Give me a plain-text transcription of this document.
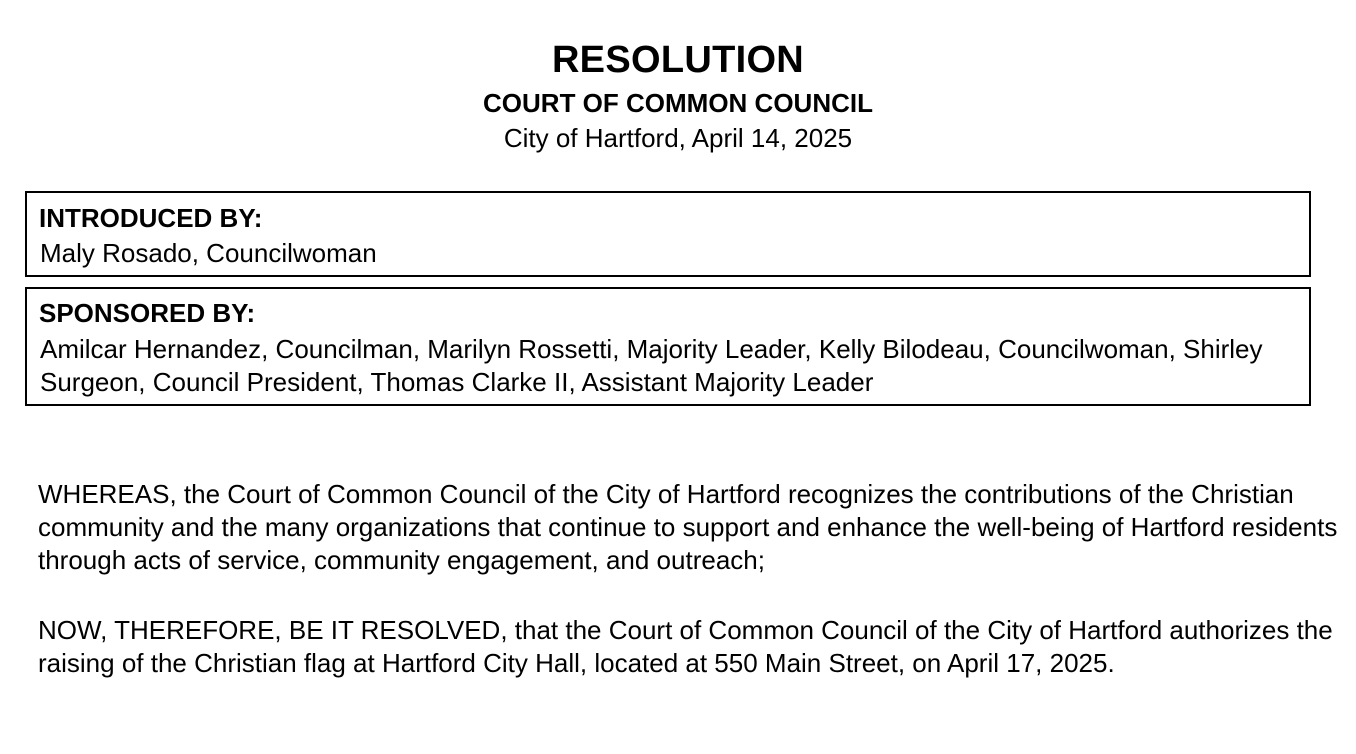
RESOLUTION
COURT OF COMMON COUNCIL
City of Hartford, April 14, 2025
INTRODUCED BY:
Maly Rosado, Councilwoman
SPONSORED BY:
Amilcar Hernandez, Councilman, Marilyn Rossetti, Majority Leader, Kelly Bilodeau, Councilwoman, Shirley Surgeon, Council President, Thomas Clarke II, Assistant Majority Leader
WHEREAS, the Court of Common Council of the City of Hartford recognizes the contributions of the Christian community and the many organizations that continue to support and enhance the well-being of Hartford residents through acts of service, community engagement, and outreach;
NOW, THEREFORE, BE IT RESOLVED, that the Court of Common Council of the City of Hartford authorizes the raising of the Christian flag at Hartford City Hall, located at 550 Main Street, on April 17, 2025.
